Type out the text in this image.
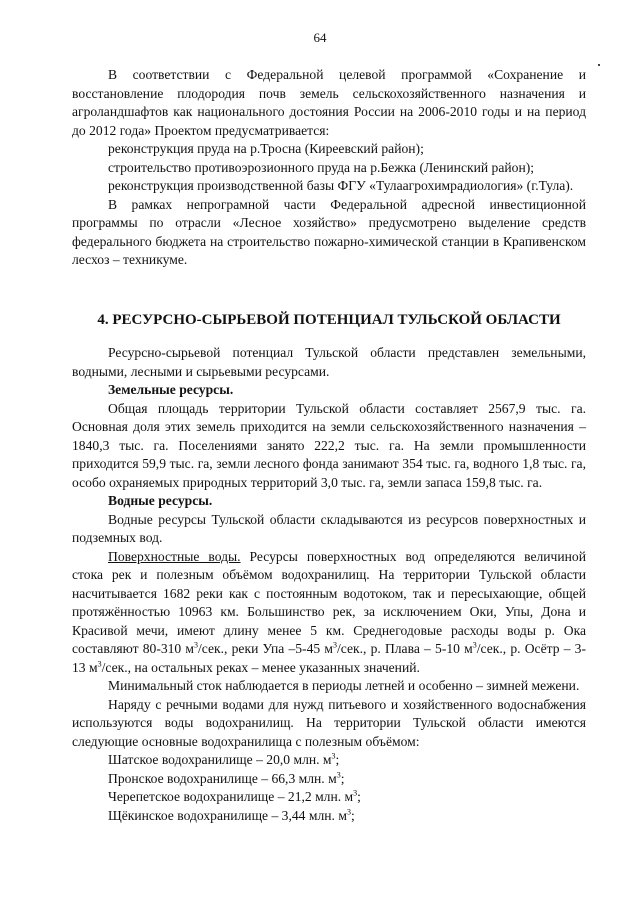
64

В соответствии с Федеральной целевой программой «Сохранение и восстановление плодородия почв земель сельскохозяйственного назначения и агроландшафтов как национального достояния России на 2006-2010 годы и на период до 2012 года» Проектом предусматривается:

реконструкция пруда на р.Тросна (Киреевский район);

строительство противоэрозионного пруда на р.Бежка (Ленинский район);

реконструкция производственной базы ФГУ «Тулаагрохимрадиология» (г.Тула).

В рамках непрограмной части Федеральной адресной инвестиционной программы по отрасли «Лесное хозяйство» предусмотрено выделение средств федерального бюджета на строительство пожарно-химической станции в Крапивенском лесхоз – техникуме.

4. РЕСУРСНО-СЫРЬЕВОЙ ПОТЕНЦИАЛ ТУЛЬСКОЙ ОБЛАСТИ

Ресурсно-сырьевой потенциал Тульской области представлен земельными, водными, лесными и сырьевыми ресурсами.

Земельные ресурсы.

Общая площадь территории Тульской области составляет 2567,9 тыс. га. Основная доля этих земель приходится на земли сельскохозяйственного назначения – 1840,3 тыс. га. Поселениями занято 222,2 тыс. га. На земли промышленности приходится 59,9 тыс. га, земли лесного фонда занимают 354 тыс. га, водного 1,8 тыс. га, особо охраняемых природных территорий 3,0 тыс. га, земли запаса 159,8 тыс. га.

Водные ресурсы.

Водные ресурсы Тульской области складываются из ресурсов поверхностных и подземных вод.

Поверхностные воды. Ресурсы поверхностных вод определяются величиной стока рек и полезным объёмом водохранилищ. На территории Тульской области насчитывается 1682 реки как с постоянным водотоком, так и пересыхающие, общей протяжённостью 10963 км. Большинство рек, за исключением Оки, Упы, Дона и Красивой мечи, имеют длину менее 5 км. Среднегодовые расходы воды р. Ока составляют 80-310 $м^3$/сек., реки Упа –5-45 $м^3$/сек., р. Плава – 5-10 $м^3$/сек., р. Осётр – 3-13 $м^3$/сек., на остальных реках – менее указанных значений.

Минимальный сток наблюдается в периоды летней и особенно – зимней межени.

Наряду с речными водами для нужд питьевого и хозяйственного водоснабжения используются воды водохранилищ. На территории Тульской области имеются следующие основные водохранилища с полезным объёмом:

Шатское водохранилище – 20,0 млн. $м^3$;

Пронское водохранилище – 66,3 млн. $м^3$;

Черепетское водохранилище – 21,2 млн. $м^3$;

Щёкинское водохранилище – 3,44 млн. $м^3$;
